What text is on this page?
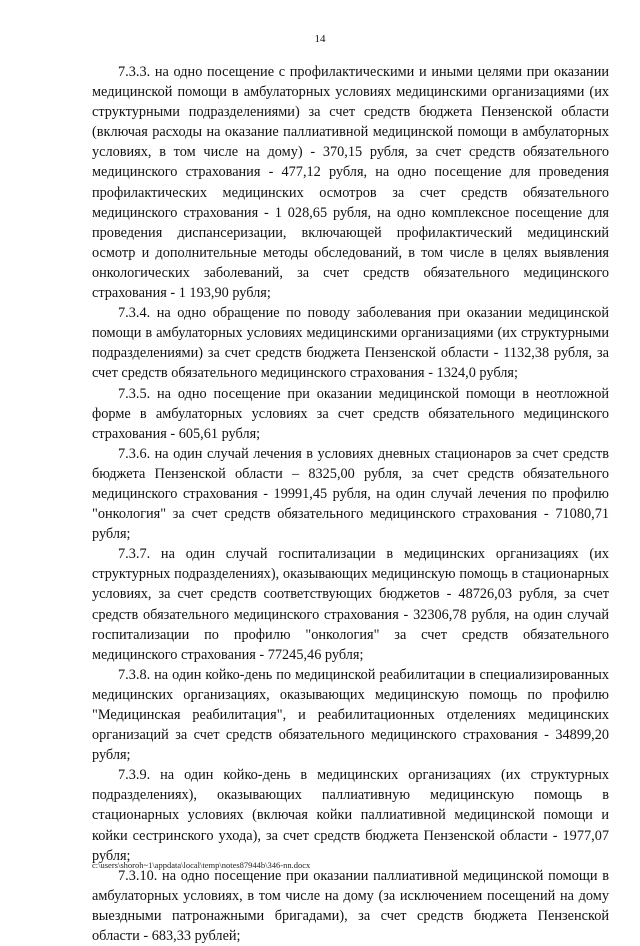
14

7.3.3. на одно посещение с профилактическими и иными целями при оказании медицинской помощи в амбулаторных условиях медицинскими организациями (их структурными подразделениями) за счет средств бюджета Пензенской области (включая расходы на оказание паллиативной медицинской помощи в амбулаторных условиях, в том числе на дому) - 370,15 рубля, за счет средств обязательного медицинского страхования - 477,12 рубля, на одно посещение для проведения профилактических медицинских осмотров за счет средств обязательного медицинского страхования - 1 028,65 рубля, на одно комплексное посещение для проведения диспансеризации, включающей профилактический медицинский осмотр и дополнительные методы обследований, в том числе в целях выявления онкологических заболеваний, за счет средств обязательного медицинского страхования - 1 193,90 рубля;

7.3.4. на одно обращение по поводу заболевания при оказании медицинской помощи в амбулаторных условиях медицинскими организациями (их структурными подразделениями) за счет средств бюджета Пензенской области - 1132,38 рубля, за счет средств обязательного медицинского страхования - 1324,0 рубля;

7.3.5. на одно посещение при оказании медицинской помощи в неотложной форме в амбулаторных условиях за счет средств обязательного медицинского страхования - 605,61 рубля;

7.3.6. на один случай лечения в условиях дневных стационаров за счет средств бюджета Пензенской области – 8325,00 рубля, за счет средств обязательного медицинского страхования - 19991,45 рубля, на один случай лечения по профилю "онкология" за счет средств обязательного медицинского страхования - 71080,71 рубля;

7.3.7. на один случай госпитализации в медицинских организациях (их структурных подразделениях), оказывающих медицинскую помощь в стационарных условиях, за счет средств соответствующих бюджетов - 48726,03 рубля, за счет средств обязательного медицинского страхования - 32306,78 рубля, на один случай госпитализации по профилю "онкология" за счет средств обязательного медицинского страхования - 77245,46 рубля;

7.3.8. на один койко-день по медицинской реабилитации в специализированных медицинских организациях, оказывающих медицинскую помощь по профилю "Медицинская реабилитация", и реабилитационных отделениях медицинских организаций за счет средств обязательного медицинского страхования - 34899,20 рубля;

7.3.9. на один койко-день в медицинских организациях (их структурных подразделениях), оказывающих паллиативную медицинскую помощь в стационарных условиях (включая койки паллиативной медицинской помощи и койки сестринского ухода), за счет средств бюджета Пензенской области - 1977,07 рубля;

7.3.10. на одно посещение при оказании паллиативной медицинской помощи в амбулаторных условиях, в том числе на дому (за исключением посещений на дому выездными патронажными бригадами), за счет средств бюджета Пензенской области - 683,33 рублей;

c:\users\shoroh~1\appdata\local\temp\notes87944b\346-nn.docx
